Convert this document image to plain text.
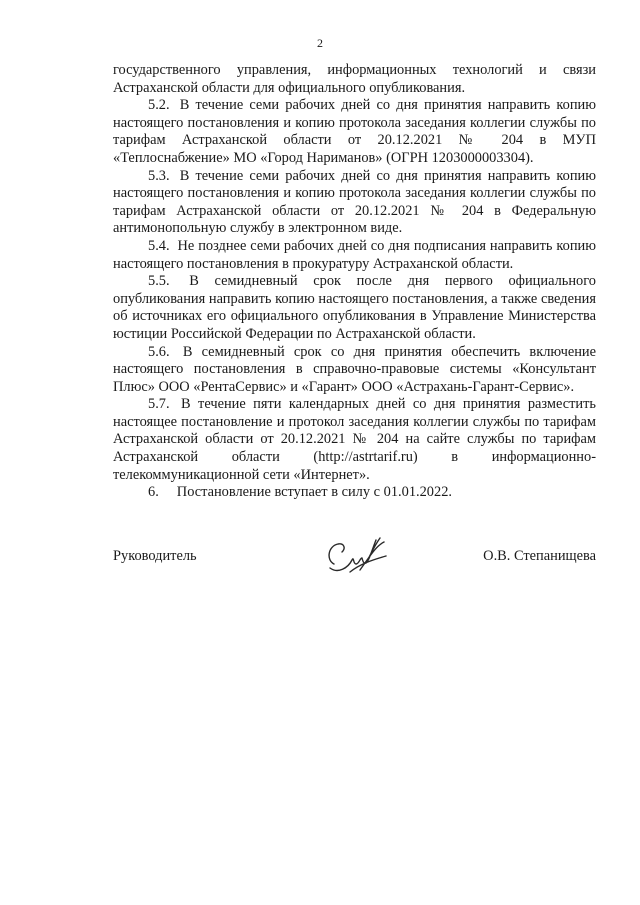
2

государственного управления, информационных технологий и связи Астраханской области для официального опубликования.

5.2. В течение семи рабочих дней со дня принятия направить копию настоящего постановления и копию протокола заседания коллегии службы по тарифам Астраханской области от 20.12.2021 № 204 в МУП «Теплоснабжение» МО «Город Нариманов» (ОГРН 1203000003304).

5.3. В течение семи рабочих дней со дня принятия направить копию настоящего постановления и копию протокола заседания коллегии службы по тарифам Астраханской области от 20.12.2021 № 204 в Федеральную антимонопольную службу в электронном виде.

5.4. Не позднее семи рабочих дней со дня подписания направить копию настоящего постановления в прокуратуру Астраханской области.

5.5. В семидневный срок после дня первого официального опубликования направить копию настоящего постановления, а также сведения об источниках его официального опубликования в Управление Министерства юстиции Российской Федерации по Астраханской области.

5.6. В семидневный срок со дня принятия обеспечить включение настоящего постановления в справочно-правовые системы «Консультант Плюс» ООО «РентаСервис» и «Гарант» ООО «Астрахань-Гарант-Сервис».

5.7. В течение пяти календарных дней со дня принятия разместить настоящее постановление и протокол заседания коллегии службы по тарифам Астраханской области от 20.12.2021 № 204 на сайте службы по тарифам Астраханской области (http://astrtarif.ru) в информационно-телекоммуникационной сети «Интернет».

6. Постановление вступает в силу с 01.01.2022.

Руководитель	О.В. Степанищева
